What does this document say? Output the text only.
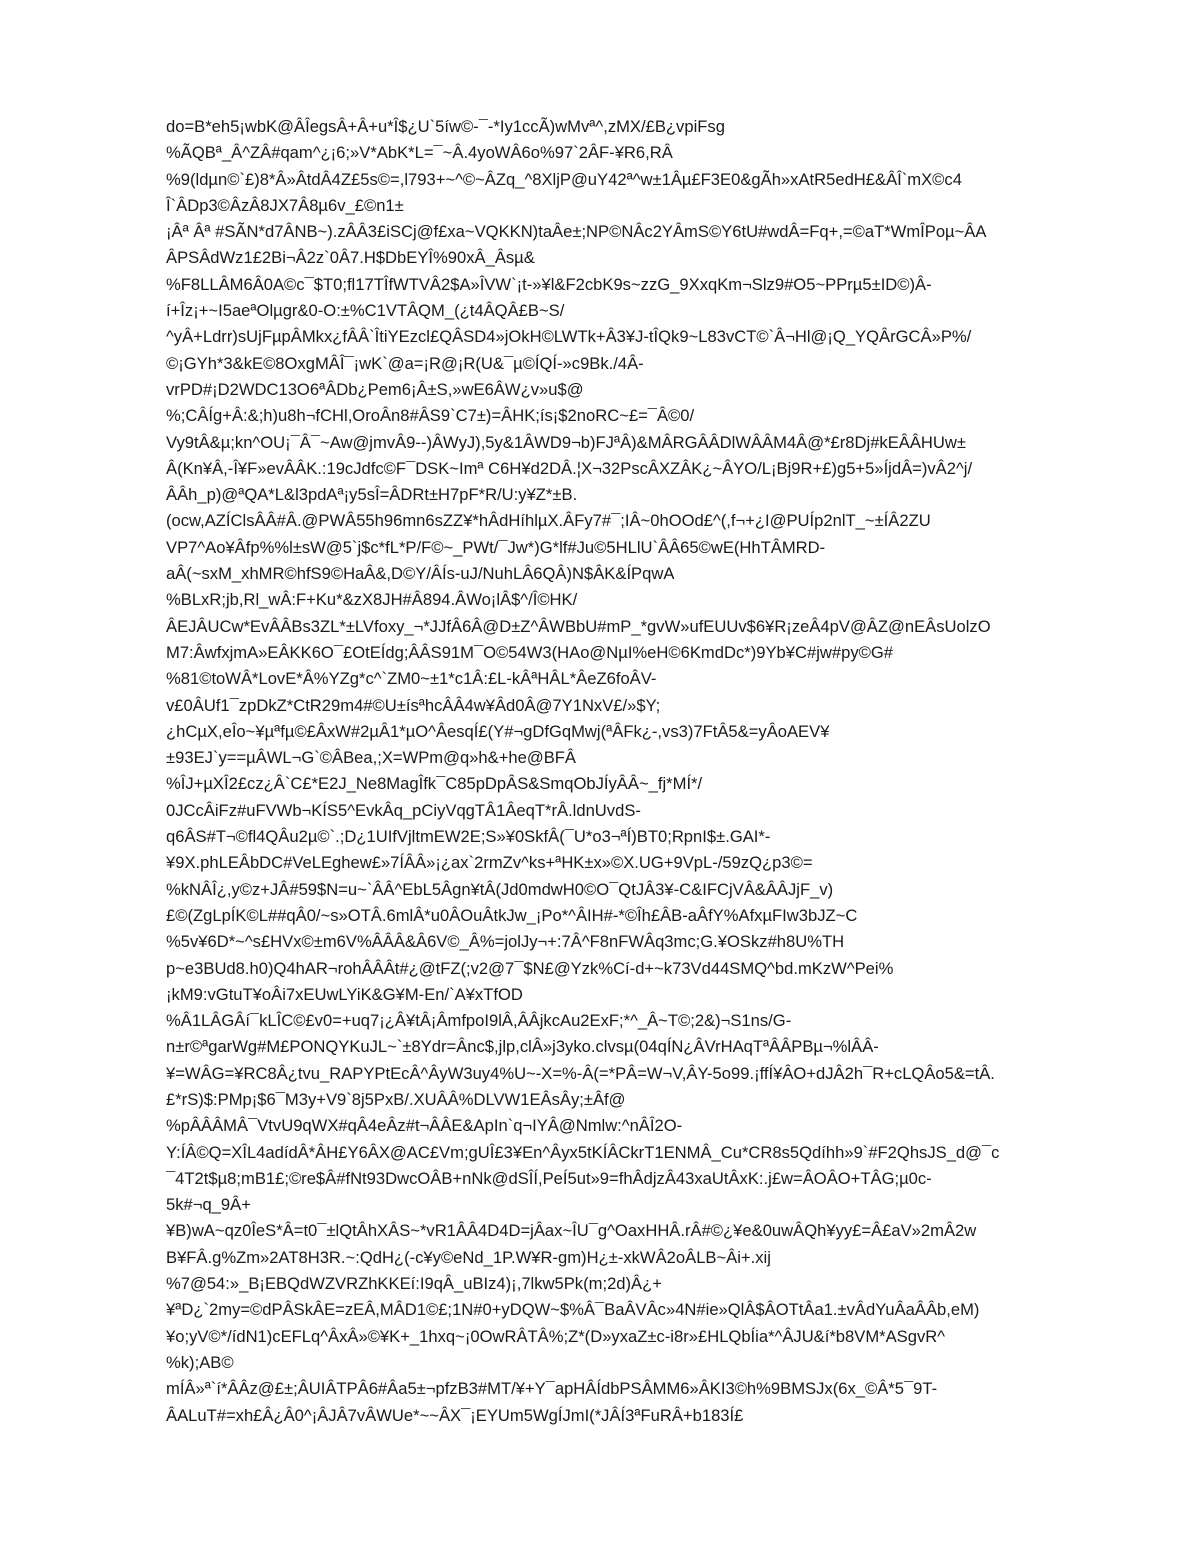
do=B*eh5¡wbK@ÂÎegsÂ+Â+u*Î$¿U`5íw©-¯-*Iy1ccÃ)wMvª^,zMX/£B¿vpiFsg

%ÃQBª_Â^ZÂ#qam^¿¡6;»V*AbK*L=¯~Â.4yoWÂ6o%97`2ÂF-¥R6,RÂ

%9(ldµn©`£)8*Â»ÂtdÂ4Z£5s©=,l793+~^©~ÂZq_^8XljP@uY42ª^w±1Âµ£F3E0&gÃh»xAtR5edH£&ÂÎ`mX©c4

Î`ÂDp3©ÂzÂ8JX7Â8µ6v_£©n1±

¡Âª Âª #SÃN*d7ÂNB~).zÂÂ3£iSCj@f£xa~VQKKN)taÂe±;NP©NÂc2YÂmS©Y6tU#wdÂ=Fq+,=©aT*WmÎPoµ~ÂA

ÂPSÂdWz1£2Bi¬Â2z`0Â7.H$DbEYÎ%90xÂ_Âsµ&

%F8LLÂM6Â0A©c¯$T0;fl17TÎfWTVÂ2$A»ÎVW`¡t-»¥l&F2cbK9s~zzG_9XxqKm¬Slz9#O5~PPrµ5±ID©)Â-

í+Îz¡+~I5aeªOlµgr&0-O:±%C1VTÂQM_(¿t4ÂQÂ£B~S/

^yÂ+Ldrr)sUjFµpÂMkx¿fÂÂ`ÎtiYEzcl£QÂSD4»jOkH©LWTk+Â3¥J-tÎQk9~L83vCT©`Â¬Hl@¡Q_YQÂrGCÂ»P%/

©¡GYh*3&kE©8OxgMÂÎ¯¡wK`@a=¡R@¡R(U&¯µ©ÍQÍ-»c9Bk./4Â-

vrPD#¡D2WDC13O6ªÂDb¿Pem6¡Â±S,»wE6ÂW¿v»u$@

%;CÂÍg+Â:&;h)u8h¬fCHl,OroÂn8#ÂS9`C7±)=ÂHK;ís¡$2noRC~£=¯Â©0/

Vy9tÂ&µ;kn^OU¡¯Â¯~Aw@jmvÂ9--)ÂWyJ),5y&1ÂWD9¬b)FJªÂ)&MÂRGÂÂDlWÂÂM4Â@*£r8Dj#kEÂÂHUw±

Â(Kn¥Â,-Î¥F»evÂÂK.:19cJdfc©F¯DSK~Imª C6H¥d2DÂ.¦X¬32PscÂXZÂK¿~ÂYO/L¡Bj9R+£)g5+5»ÍjdÂ=)vÂ2^j/

ÂÂh_p)@ªQA*L&l3pdAª¡y5sÎ=ÂDRt±H7pF*R/U:y¥Z*±B.

(ocw,AZÍClsÂÂ#Â.@PWÂ55h96mn6sZZ¥*hÂdHíhlµX.ÂFy7#¯;IÂ~0hOOd£^(,f¬+¿I@PUÍp2nlT_~±ÍÂ2ZU

VP7^Ao¥Âfp%%l±sW@5`j$c*fL*P/F©~_PWt/¯Jw*)G*lf#Ju©5HLlU`ÂÂ65©wE(HhTÂMRD-

aÂ(~sxM_xhMR©hfS9©HaÂ&,D©Y/ÂÍs-uJ/NuhLÂ6QÂ)N$ÂK&ÍPqwA

%BLxR;jb,Rl_wÂ:F+Ku*&zX8JH#Â894.ÂWo¡lÂ$^/Î©HK/

ÂEJÂUCw*EvÂÂBs3ZL*±LVfoxy_¬*JJfÂ6Â@D±Z^ÂWBbU#mP_*gvW»ufEUUv$6¥R¡zeÂ4pV@ÂZ@nEÂsUolzO

M7:ÂwfxjmA»EÂKK6O¯£OtEÍdg;ÂÂS91M¯O©54W3(HAo@NµI%eH©6KmdDc*)9Yb¥C#jw#py©G#

%81©toWÂ*LovE*Â%YZg*c^`ZM0~±1*c1Â:£L-kÂªHÂL*ÂeZ6foÂV-

v£0ÂUf1¯zpDkZ*CtR29m4#©U±ísªhcÂÂ4w¥Âd0Â@7Y1NxV£/»$Y;

¿hCµX,eÎo~¥µªfµ©£ÂxW#2µÂ1*µO^ÂesqÍ£(Y#¬gDfGqMwj(ªÂFk¿-,vs3)7FtÂ5&=yÂoAEV¥

±93EJ`y==µÂWL¬G`©ÂBea,;X=WPm@q»h&+he@BFÂ

%ÎJ+µXÎ2£cz¿Â`C£*E2J_Ne8MagÎfk¯C85pDpÂS&SmqObJÍyÂÂ~_fj*MÍ*/

0JCcÂiFz#uFVWb¬KÍS5^EvkÂq_pCiyVqgTÂ1ÂeqT*rÂ.ldnUvdS-

q6ÂS#T¬©fl4QÂu2µ©`.;D¿1UIfVjltmEW2E;S»¥0SkfÂ(¯U*o3¬ªÍ)BT0;RpnI$±.GAI*-

¥9X.phLEÂbDC#VeLEghew£»7ÍÂÂ»¡¿ax`2rmZv^ks+ªHK±x»©X.UG+9VpL-/59zQ¿p3©=

%kNÂÎ¿,y©z+JÂ#59$N=u~`ÂÂ^EbL5Âgn¥tÂ(Jd0mdwH0©O¯QtJÂ3¥-C&IFCjVÂ&ÂÂJjF_v)

£©(ZgLpÍK©L##qÂ0/~s»OTÂ.6mlÂ*u0ÂOuÂtkJw_¡Po*^ÂIH#-*©Îh£ÂB-aÂfY%AfxµFIw3bJZ~C

%5v¥6D*~^s£HVx©±m6V%ÂÂÂ&Â6V©_Â%=jolJy¬+:7Â^F8nFWÂq3mc;G.¥OSkz#h8U%TH

p~e3BUd8.h0)Q4hAR¬rohÂÂÂt#¿@tFZ(;v2@7¯$N£@Yzk%Cí-d+~k73Vd44SMQ^bd.mKzW^Pei%

¡kM9:vGtuT¥oÂi7xEUwLYiK&G¥M-En/`A¥xTfOD

%Â1LÂGÂí¯kLÎC©£v0=+uq7¡¿Â¥tÂ¡ÂmfpoI9lÂ,ÂÂjkcAu2ExF;*^_Â~T©;2&)¬S1ns/G-

n±r©ªgarWg#M£PONQYKuJL~`±8Ydr=Ânc$,jlp,clÂ»j3yko.clvsµ(04qÍN¿ÂVrHAqTªÂÂPBµ¬%lÂÂ-

¥=WÂG=¥RC8Â¿tvu_RAPYPtEcÂ^ÂyW3uy4%U~-X=%-Â(=*PÂ=W¬V,ÂY-5o99.¡ffÍ¥ÂO+dJÂ2h¯R+cLQÂo5&=tÂ.

£*rS)$:PMp¡$6¯M3y+V9`8j5PxB/.XUÂÂ%DLVW1EÂsÂy;±Âf@

%pÂÂÂMÂ¯VtvU9qWX#qÂ4eÂz#t¬ÂÂE&ApIn`q¬IYÂ@Nmlw:^nÂÎ2O-

Y:ÍÂ©Q=XÎL4adídÂ*ÂH£Y6ÂX@AC£Vm;gUÎ£3¥En^Âyx5tKÍÂCkrT1ENMÂ_Cu*CR8s5Qdíhh»9`#F2QhsJS_d@¯c

¯4T2t$µ8;mB1£;©re$Â#fNt93DwcOÂB+nNk@dSÎÍ,PeÍ5ut»9=fhÂdjzÂ43xaUtÂxK:.j£w=ÂOÂO+TÂG;µ0c-

5k#¬q_9Â+

¥B)wA~qz0ÎeS*Â=t0¯±lQtÂhXÂS~*vR1ÂÂ4D4D=jÂax~ÎU¯g^OaxHHÂ.rÂ#©¿¥e&0uwÂQh¥yy£=Â£aV»2mÂ2w

B¥FÂ.g%Zm»2AT8H3R.~:QdH¿(-c¥y©eNd_1P.W¥R-gm)H¿±-xkWÂ2oÂLB~Âi+.xij

%7@54:»_B¡EBQdWZVRZhKKEí:I9qÂ_uBIz4)¡,7lkw5Pk(m;2d)Â¿+

¥ªD¿`2my=©dPÂSkÂE=zEÂ,MÂD1©£;1N#0+yDQW~$%Â¯BaÂVÂc»4N#ie»QlÂ$ÂOTtÂa1.±vÂdYuÂaÂÂb,eM)

¥o;yV©*/ídN1)cEFLq^ÂxÂ»©¥K+_1hxq~¡0OwRÂTÂ%;Z*(D»yxaZ±c-i8r»£HLQbÍia*^ÂJU&í*b8VM*ASgvR^

%k);AB©

mÍÂ»ª`í*ÂÂz@£±;ÂUIÂTPÂ6#Âa5±¬pfzB3#MT/¥+Y¯apHÂÍdbPSÂMM6»ÂKI3©h%9BMSJx(6x_©Â*5¯9T-

ÂALuT#=xh£Â¿Â0^¡ÂJÂ7vÂWUe*~~ÂX¯¡EYUm5WgÍJmI(*JÂÍ3ªFuRÂ+b183Í£
